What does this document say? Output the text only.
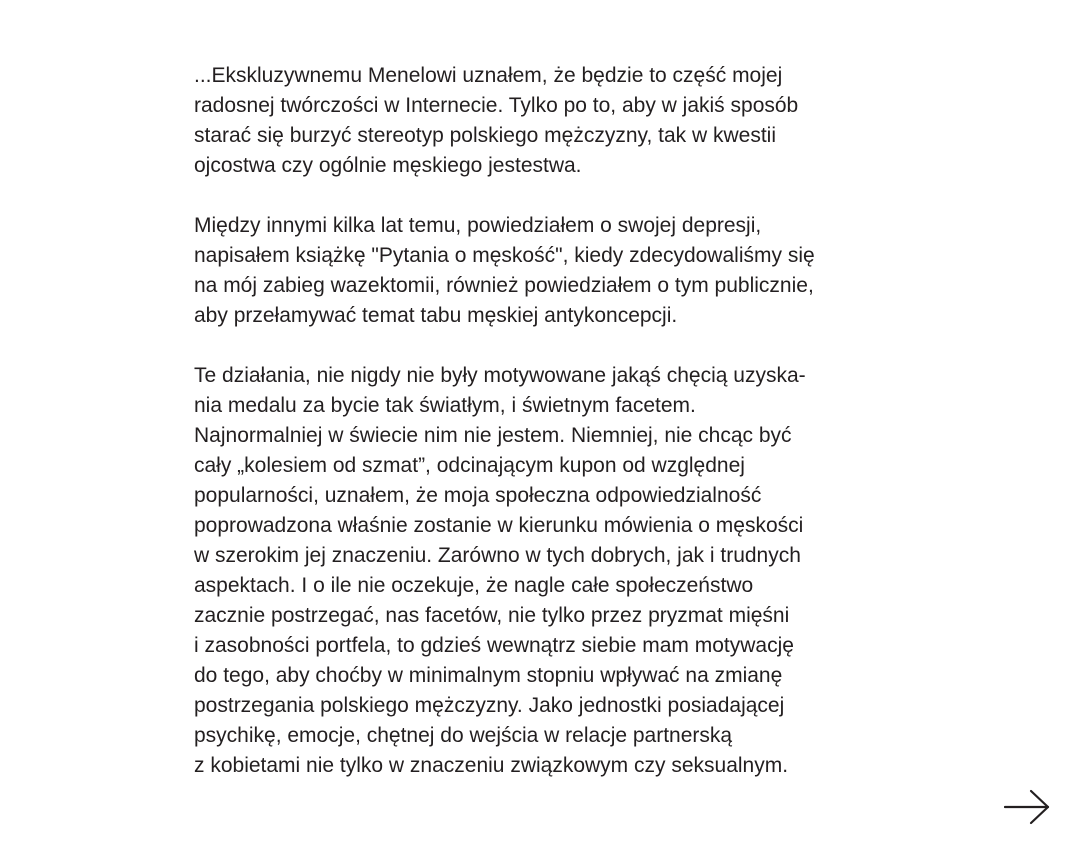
...Ekskluzywnemu Menelowi uznałem, że będzie to część mojej
radosnej twórczości w Internecie. Tylko po to, aby w jakiś sposób
starać się burzyć stereotyp polskiego mężczyzny, tak w kwestii
ojcostwa czy ogólnie męskiego jestestwa.

Między innymi kilka lat temu, powiedziałem o swojej depresji,
napisałem książkę "Pytania o męskość", kiedy zdecydowaliśmy się
na mój zabieg wazektomii, również powiedziałem o tym publicznie,
aby przełamywać temat tabu męskiej antykoncepcji.

Te działania, nie nigdy nie były motywowane jakąś chęcią uzyska-
nia medalu za bycie tak światłym, i świetnym facetem.
Najnormalniej w świecie nim nie jestem. Niemniej, nie chcąc być
cały „kolesiem od szmat”, odcinającym kupon od względnej
popularności, uznałem, że moja społeczna odpowiedzialność
poprowadzona właśnie zostanie w kierunku mówienia o męskości
w szerokim jej znaczeniu. Zarówno w tych dobrych, jak i trudnych
aspektach. I o ile nie oczekuje, że nagle całe społeczeństwo
zacznie postrzegać, nas facetów, nie tylko przez pryzmat mięśni
i zasobności portfela, to gdzieś wewnątrz siebie mam motywację
do tego, aby choćby w minimalnym stopniu wpływać na zmianę
postrzegania polskiego mężczyzny. Jako jednostki posiadającej
psychikę, emocje, chętnej do wejścia w relacje partnerską
z kobietami nie tylko w znaczeniu związkowym czy seksualnym.
